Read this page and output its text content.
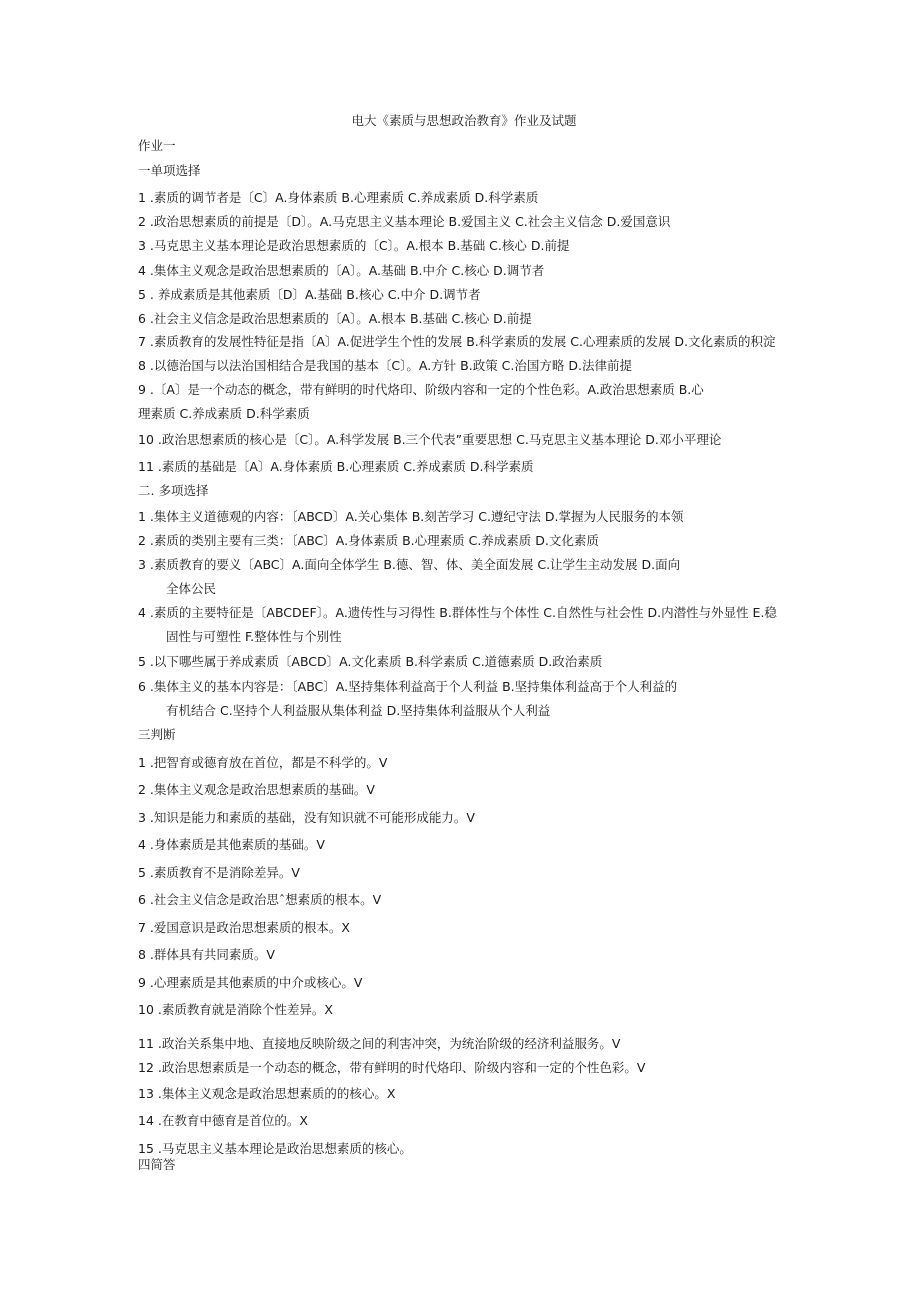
电大《素质与思想政治教育》作业及试题
作业一
一单项选择
1 .素质的调节者是〔C〕A.身体素质 B.心理素质 C.养成素质 D.科学素质
2 .政治思想素质的前提是〔D〕。A.马克思主义基本理论 B.爱国主义 C.社会主义信念 D.爱国意识
3 .马克思主义基本理论是政治思想素质的〔C〕。A.根本 B.基础 C.核心 D.前提
4 .集体主义观念是政治思想素质的〔A〕。A.基础 B.中介 C.核心 D.调节者
5 . 养成素质是其他素质〔D〕A.基础 B.核心 C.中介 D.调节者
6 .社会主义信念是政治思想素质的〔A〕。A.根本 B.基础 C.核心 D.前提
7 .素质教育的发展性特征是指〔A〕A.促进学生个性的发展 B.科学素质的发展 C.心理素质的发展 D.文化素质的积淀
8 .以德治国与以法治国相结合是我国的基本〔C〕。A.方针 B.政策 C.治国方略 D.法律前提
9 .〔A〕是一个动态的概念，带有鲜明的时代烙印、阶级内容和一定的个性色彩。A.政治思想素质 B.心
理素质 C.养成素质 D.科学素质
10 .政治思想素质的核心是〔C〕。A.科学发展 B.三个代表”重要思想 C.马克思主义基本理论 D.邓小平理论
11 .素质的基础是〔A〕A.身体素质 B.心理素质 C.养成素质 D.科学素质
二. 多项选择
1 .集体主义道德观的内容：〔ABCD〕A.关心集体 B.刻苦学习 C.遵纪守法 D.掌握为人民服务的本领
2 .素质的类别主要有三类：〔ABC〕A.身体素质 B.心理素质 C.养成素质 D.文化素质
3 .素质教育的要义〔ABC〕A.面向全体学生 B.德、智、体、美全面发展 C.让学生主动发展 D.面向
全体公民
4 .素质的主要特征是〔ABCDEF〕。A.遗传性与习得性 B.群体性与个体性 C.自然性与社会性 D.内潜性与外显性 E.稳
固性与可塑性 F.整体性与个别性
5 .以下哪些属于养成素质〔ABCD〕A.文化素质 B.科学素质 C.道德素质 D.政治素质
6 .集体主义的基本内容是：〔ABC〕A.坚持集体利益高于个人利益 B.坚持集体利益高于个人利益的
有机结合 C.坚持个人利益服从集体利益 D.坚持集体利益服从个人利益
三判断
1 .把智育或德育放在首位，都是不科学的。V
2 .集体主义观念是政治思想素质的基础。V
3 .知识是能力和素质的基础，没有知识就不可能形成能力。V
4 .身体素质是其他素质的基础。V
5 .素质教育不是消除差异。V
6 .社会主义信念是政治思ˆ想素质的根本。V
7 .爱国意识是政治思想素质的根本。X
8 .群体具有共同素质。V
9 .心理素质是其他素质的中介或核心。V
10 .素质教育就是消除个性差异。X
11 .政治关系集中地、直接地反映阶级之间的利害冲突，为统治阶级的经济利益服务。V
12 .政治思想素质是一个动态的概念，带有鲜明的时代烙印、阶级内容和一定的个性色彩。V
13 .集体主义观念是政治思想素质的的核心。X
14 .在教育中德育是首位的。X
15 .马克思主义基本理论是政治思想素质的核心。
四简答
